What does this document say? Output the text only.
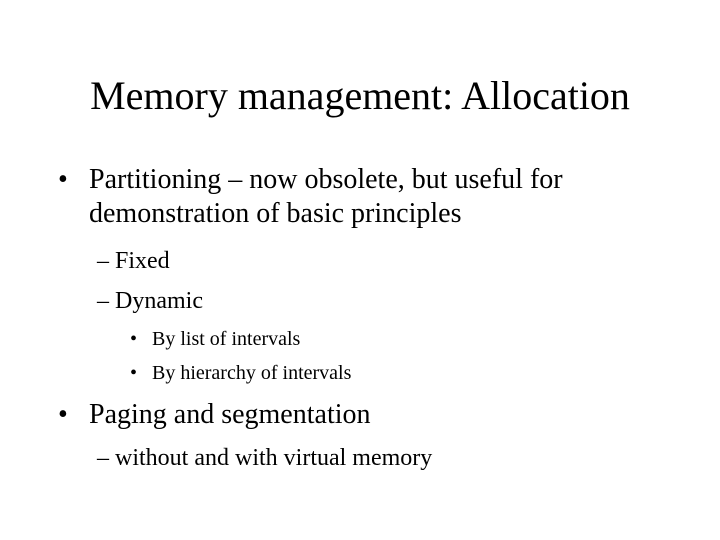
Memory management: Allocation
• Partitioning – now obsolete, but useful for demonstration of basic principles
– Fixed
– Dynamic
• By list of intervals
• By hierarchy of intervals
• Paging and segmentation
– without and with virtual memory
